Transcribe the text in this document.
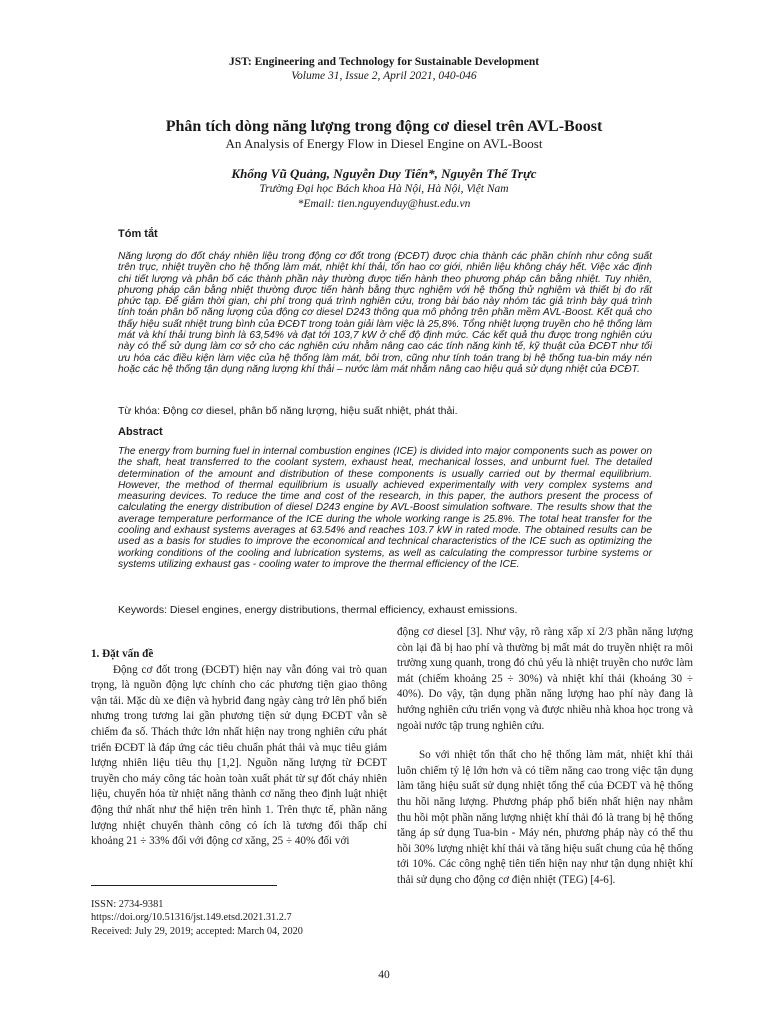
JST: Engineering and Technology for Sustainable Development
Volume 31, Issue 2, April 2021, 040-046
Phân tích dòng năng lượng trong động cơ diesel trên AVL-Boost
An Analysis of Energy Flow in Diesel Engine on AVL-Boost
Khổng Vũ Quảng, Nguyễn Duy Tiến*, Nguyễn Thế Trực
Trường Đại học Bách khoa Hà Nội, Hà Nội, Việt Nam
*Email: tien.nguyenduy@hust.edu.vn
Tóm tắt
Năng lượng do đốt cháy nhiên liệu trong động cơ đốt trong (ĐCĐT) được chia thành các phần chính như công suất trên trục, nhiệt truyền cho hệ thống làm mát, nhiệt khí thải, tổn hao cơ giới, nhiên liệu không cháy hết. Việc xác định chi tiết lượng và phân bố các thành phần này thường được tiến hành theo phương pháp cân bằng nhiệt. Tuy nhiên, phương pháp cân bằng nhiệt thường được tiến hành bằng thực nghiệm với hệ thống thử nghiệm và thiết bị đo rất phức tạp. Để giảm thời gian, chi phí trong quá trình nghiên cứu, trong bài báo này nhóm tác giả trình bày quá trình tính toán phân bố năng lượng của động cơ diesel D243 thông qua mô phỏng trên phần mềm AVL-Boost. Kết quả cho thấy hiệu suất nhiệt trung bình của ĐCĐT trong toàn giải làm việc là 25,8%. Tổng nhiệt lượng truyền cho hệ thống làm mát và khí thải trung bình là 63,54% và đạt tới 103,7 kW ở chế độ định mức. Các kết quả thu được trong nghiên cứu này có thể sử dụng làm cơ sở cho các nghiên cứu nhằm nâng cao các tính năng kinh tế, kỹ thuật của ĐCĐT như tối ưu hóa các điều kiện làm việc của hệ thống làm mát, bôi trơn, cũng như tính toán trang bị hệ thống tua-bin máy nén hoặc các hệ thống tận dụng năng lượng khí thải – nước làm mát nhằm nâng cao hiệu quả sử dụng nhiệt của ĐCĐT.
Từ khóa: Động cơ diesel, phân bố năng lượng, hiệu suất nhiệt, phát thải.
Abstract
The energy from burning fuel in internal combustion engines (ICE) is divided into major components such as power on the shaft, heat transferred to the coolant system, exhaust heat, mechanical losses, and unburnt fuel. The detailed determination of the amount and distribution of these components is usually carried out by thermal equilibrium. However, the method of thermal equilibrium is usually achieved experimentally with very complex systems and measuring devices. To reduce the time and cost of the research, in this paper, the authors present the process of calculating the energy distribution of diesel D243 engine by AVL-Boost simulation software. The results show that the average temperature performance of the ICE during the whole working range is 25.8%. The total heat transfer for the cooling and exhaust systems averages at 63.54% and reaches 103.7 kW in rated mode. The obtained results can be used as a basis for studies to improve the economical and technical characteristics of the ICE such as optimizing the working conditions of the cooling and lubrication systems, as well as calculating the compressor turbine systems or systems utilizing exhaust gas - cooling water to improve the thermal efficiency of the ICE.
Keywords: Diesel engines, energy distributions, thermal efficiency, exhaust emissions.

1. Đặt vấn đề

Động cơ đốt trong (ĐCĐT) hiện nay vẫn đóng vai trò quan trọng, là nguồn động lực chính cho các phương tiện giao thông vận tải. Mặc dù xe điện và hybrid đang ngày càng trở lên phổ biến nhưng trong tương lai gần phương tiện sử dụng ĐCĐT vẫn sẽ chiếm đa số. Thách thức lớn nhất hiện nay trong nghiên cứu phát triển ĐCĐT là đáp ứng các tiêu chuẩn phát thải và mục tiêu giảm lượng nhiên liệu tiêu thụ [1,2]. Nguồn năng lượng từ ĐCĐT truyền cho máy công tác hoàn toàn xuất phát từ sự đốt cháy nhiên liệu, chuyển hóa từ nhiệt năng thành cơ năng theo định luật nhiệt động thứ nhất như thể hiện trên hình 1. Trên thực tế, phần năng lượng nhiệt chuyển thành công có ích là tương đối thấp chỉ khoảng 21 ÷ 33% đối với động cơ xăng, 25 ÷ 40% đối với

động cơ diesel [3]. Như vậy, rõ ràng xấp xỉ 2/3 phần năng lượng còn lại đã bị hao phí và thường bị mất mát do truyền nhiệt ra môi trường xung quanh, trong đó chủ yếu là nhiệt truyền cho nước làm mát (chiếm khoảng 25 ÷ 30%) và nhiệt khí thải (khoảng 30 ÷ 40%). Do vậy, tận dụng phần năng lượng hao phí này đang là hướng nghiên cứu triển vọng và được nhiều nhà khoa học trong và ngoài nước tập trung nghiên cứu.

So với nhiệt tổn thất cho hệ thống làm mát, nhiệt khí thải luôn chiếm tỷ lệ lớn hơn và có tiềm năng cao trong việc tận dụng làm tăng hiệu suất sử dụng nhiệt tổng thể của ĐCĐT và hệ thống thu hồi năng lượng. Phương pháp phổ biến nhất hiện nay nhằm thu hồi một phần năng lượng nhiệt khí thải đó là trang bị hệ thống tăng áp sử dụng Tua-bin - Máy nén, phương pháp này có thể thu hồi 30% lượng nhiệt khí thải và tăng hiệu suất chung của hệ thống tới 10%. Các công nghệ tiên tiến hiện nay như tận dụng nhiệt khí thải sử dụng cho động cơ điện nhiệt (TEG) [4-6].

ISSN: 2734-9381
https://doi.org/10.51316/jst.149.etsd.2021.31.2.7
Received: July 29, 2019; accepted: March 04, 2020
40
